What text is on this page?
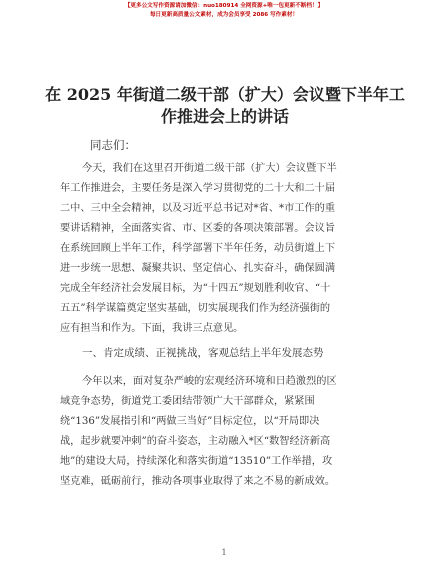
【更多公文写作资源请加微信：nuo180914 全网资源+唯一包更新不断档！】
每日更新高质量公文素材，成为会员享受 2086 写作素材！
在 2025 年街道二级干部（扩大）会议暨下半年工作推进会上的讲话
同志们：
今天，我们在这里召开街道二级干部（扩大）会议暨下半
年工作推进会，主要任务是深入学习贯彻党的二十大和二十届
二中、三中全会精神，以及习近平总书记对*省、*市工作的重
要讲话精神，全面落实省、市、区委的各项决策部署。会议旨
在系统回顾上半年工作，科学部署下半年任务，动员街道上下
进一步统一思想、凝聚共识、坚定信心、扎实奋斗，确保圆满
完成全年经济社会发展目标，为“十四五”规划胜利收官、“十
五五”科学谋篇奠定坚实基础，切实展现我们作为经济强街的
应有担当和作为。下面，我讲三点意见。
一、肯定成绩、正视挑战，客观总结上半年发展态势
今年以来，面对复杂严峻的宏观经济环境和日趋激烈的区
域竞争态势，街道党工委团结带领广大干部群众，紧紧围
绕“136”发展指引和“两做三当好”目标定位，以“开局即决
战，起步就要冲刺”的奋斗姿态，主动融入*区“数智经济新高
地”的建设大局，持续深化和落实街道“13510”工作举措，攻
坚克难，砥砺前行，推动各项事业取得了来之不易的新成效。
1
